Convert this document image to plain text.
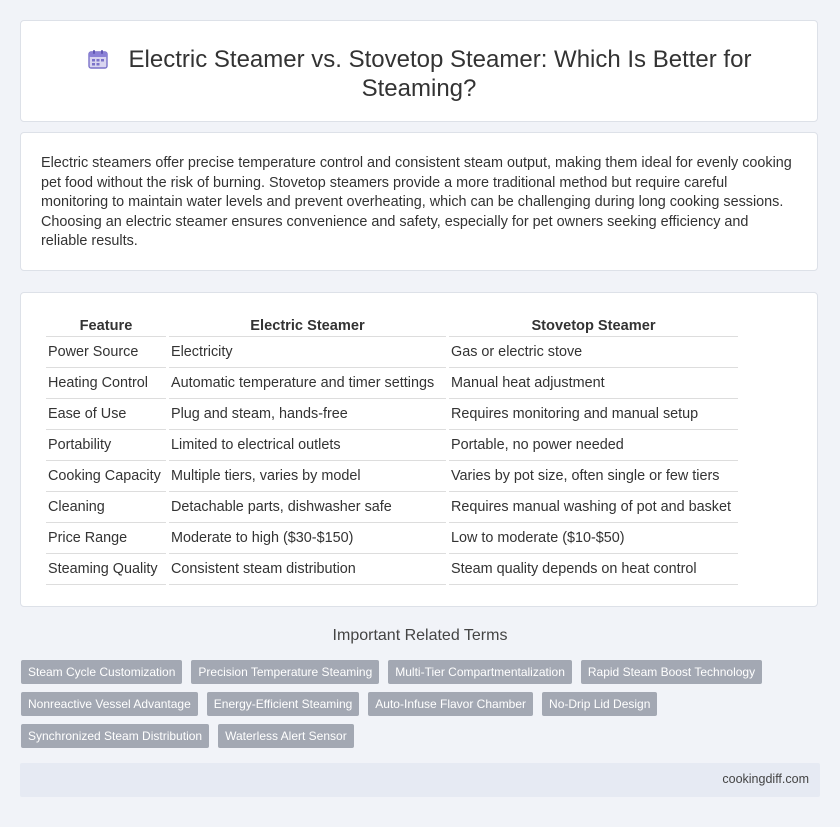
Electric Steamer vs. Stovetop Steamer: Which Is Better for Steaming?

Electric steamers offer precise temperature control and consistent steam output, making them ideal for evenly cooking pet food without the risk of burning. Stovetop steamers provide a more traditional method but require careful monitoring to maintain water levels and prevent overheating, which can be challenging during long cooking sessions. Choosing an electric steamer ensures convenience and safety, especially for pet owners seeking efficiency and reliable results.

Feature	Electric Steamer	Stovetop Steamer
Power Source	Electricity	Gas or electric stove
Heating Control	Automatic temperature and timer settings	Manual heat adjustment
Ease of Use	Plug and steam, hands-free	Requires monitoring and manual setup
Portability	Limited to electrical outlets	Portable, no power needed
Cooking Capacity	Multiple tiers, varies by model	Varies by pot size, often single or few tiers
Cleaning	Detachable parts, dishwasher safe	Requires manual washing of pot and basket
Price Range	Moderate to high ($30-$150)	Low to moderate ($10-$50)
Steaming Quality	Consistent steam distribution	Steam quality depends on heat control
Important Related Terms
Steam Cycle Customization	Precision Temperature Steaming	Multi-Tier Compartmentalization	Rapid Steam Boost Technology
Nonreactive Vessel Advantage	Energy-Efficient Steaming	Auto-Infuse Flavor Chamber	No-Drip Lid Design
Synchronized Steam Distribution	Waterless Alert Sensor
cookingdiff.com
